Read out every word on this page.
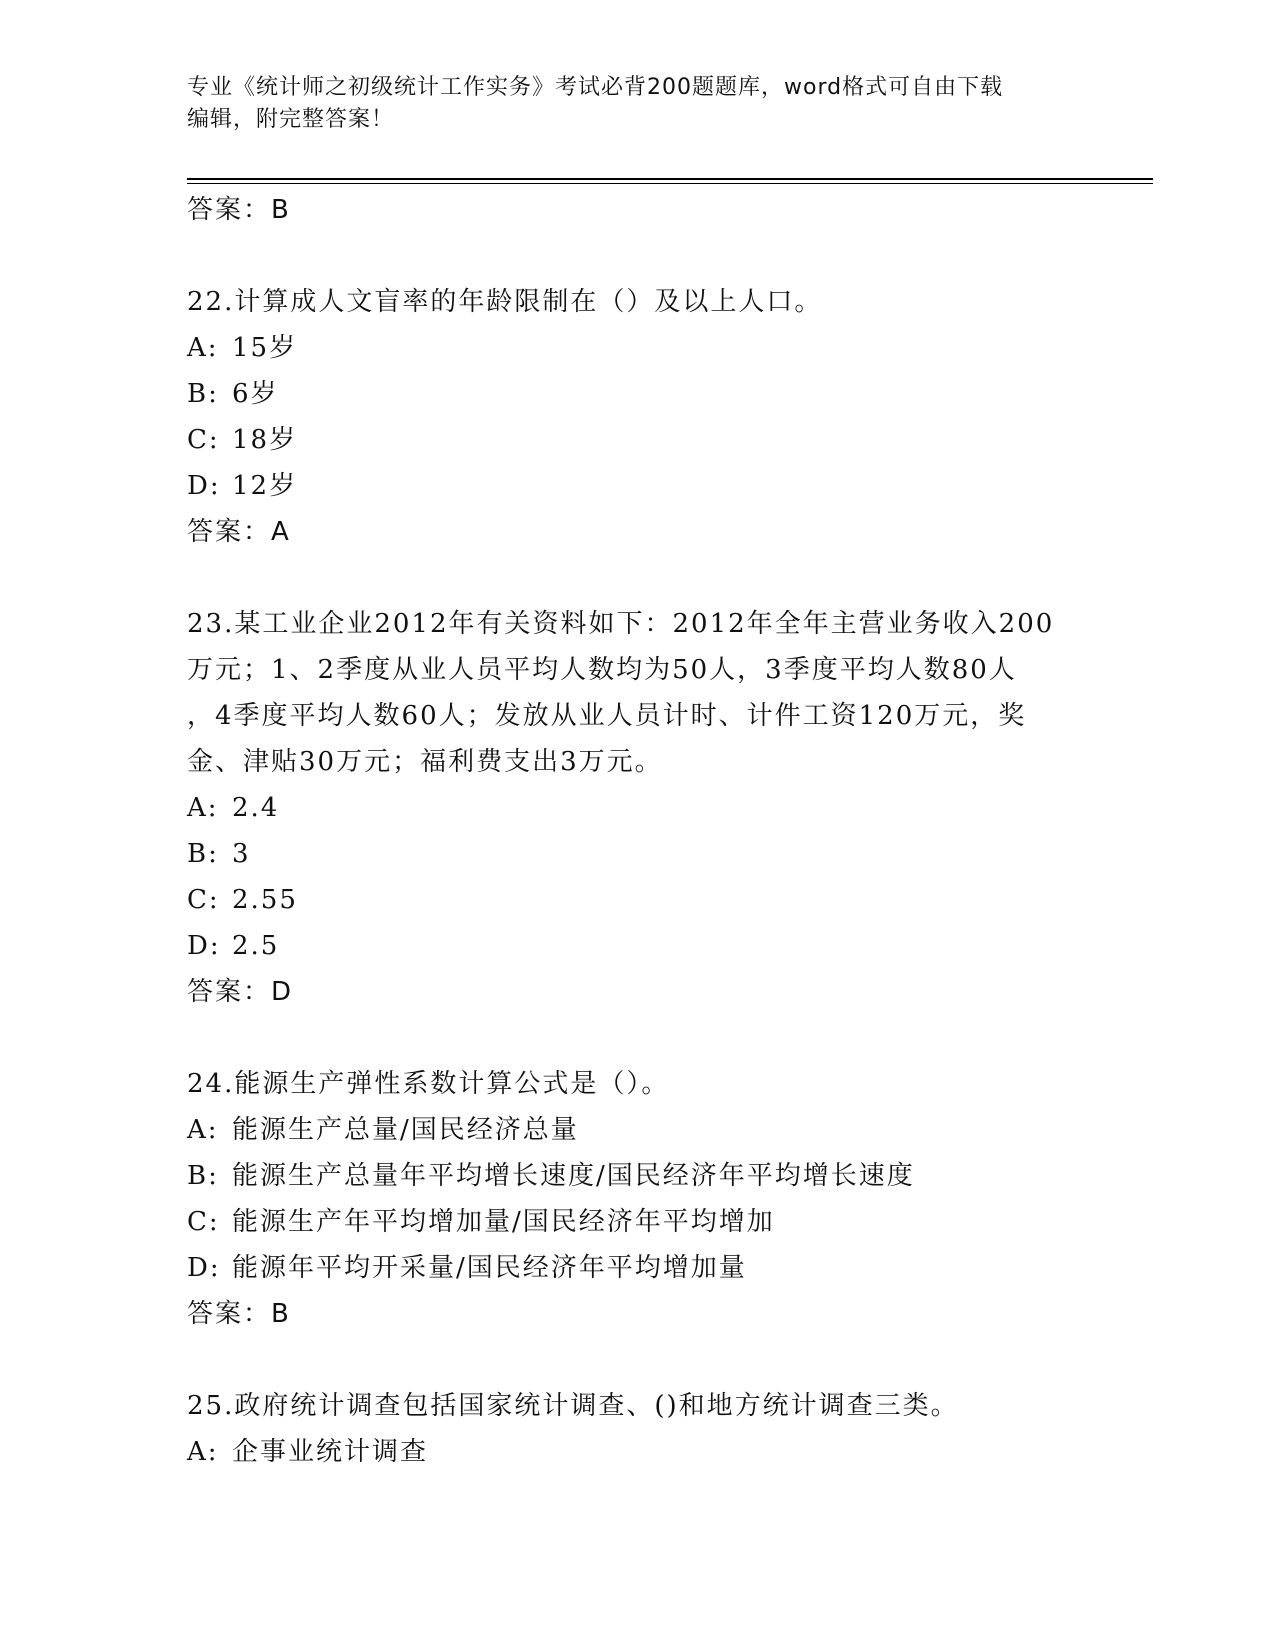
专业《统计师之初级统计工作实务》考试必背200题题库，word格式可自由下载
编辑，附完整答案！
答案：B
22.计算成人文盲率的年龄限制在（）及以上人口。
A: 15岁
B: 6岁
C: 18岁
D: 12岁
答案：A
23.某工业企业2012年有关资料如下：2012年全年主营业务收入200
万元；1、2季度从业人员平均人数均为50人，3季度平均人数80人
，4季度平均人数60人；发放从业人员计时、计件工资120万元，奖
金、津贴30万元；福利费支出3万元。
A: 2.4
B: 3
C: 2.55
D: 2.5
答案：D
24.能源生产弹性系数计算公式是（）。
A: 能源生产总量/国民经济总量
B: 能源生产总量年平均增长速度/国民经济年平均增长速度
C: 能源生产年平均增加量/国民经济年平均增加
D: 能源年平均开采量/国民经济年平均增加量
答案：B
25.政府统计调查包括国家统计调查、()和地方统计调查三类。
A: 企事业统计调查
